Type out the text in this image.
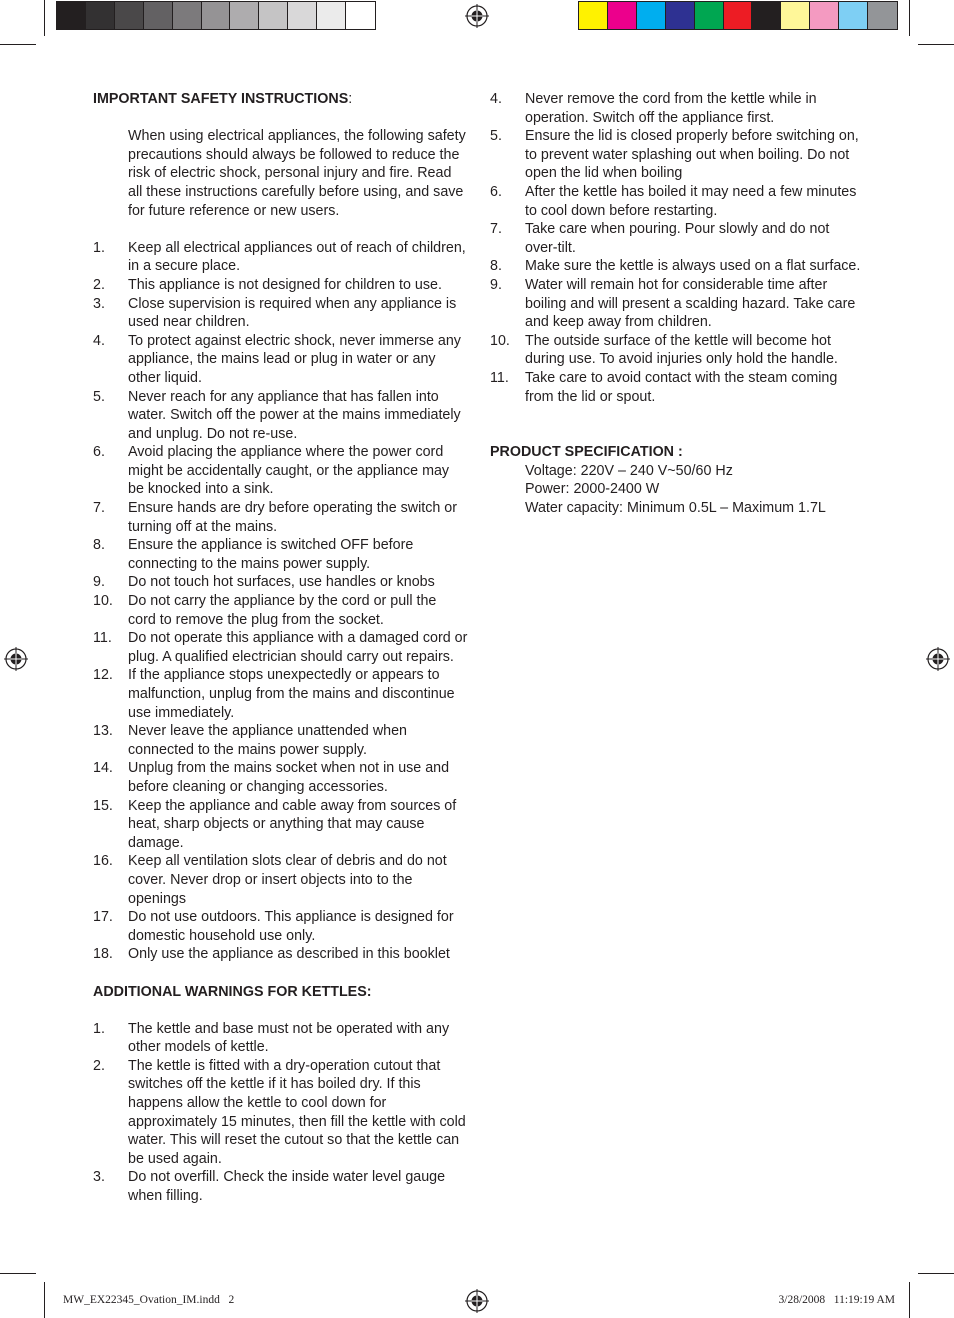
IMPORTANT SAFETY INSTRUCTIONS:
When using electrical appliances, the following safety precautions should always be followed to reduce the risk of electric shock, personal injury and fire. Read all these instructions carefully before using, and save for future reference or new users.
1.	Keep all electrical appliances out of reach of children, in a secure place.
2.	This appliance is not designed for children to use.
3.	Close supervision is required when any appliance is used near children.
4.	To protect against electric shock, never immerse any appliance, the mains lead or plug in water or any other liquid.
5.	Never reach for any appliance that has fallen into water. Switch off the power at the mains immediately and unplug. Do not re-use.
6.	Avoid placing the appliance where the power cord might be accidentally caught, or the appliance may be knocked into a sink.
7.	Ensure hands are dry before operating the switch or turning off at the mains.
8.	Ensure the appliance is switched OFF before connecting to the mains power supply.
9.	Do not touch hot surfaces, use handles or knobs
10.	Do not carry the appliance by the cord or pull the cord to remove the plug from the socket.
11.	Do not operate this appliance with a damaged cord or plug. A qualified electrician should carry out repairs.
12.	If the appliance stops unexpectedly or appears to malfunction, unplug from the mains and discontinue use immediately.
13.	Never leave the appliance unattended when connected to the mains power supply.
14.	Unplug from the mains socket when not in use and before cleaning or changing accessories.
15.	Keep the appliance and cable away from sources of heat, sharp objects or anything that may cause damage.
16.	Keep all ventilation slots clear of debris and do not cover. Never drop or insert objects into to the openings
17.	Do not use outdoors. This appliance is designed for domestic household use only.
18.	Only use the appliance as described in this booklet
ADDITIONAL WARNINGS FOR KETTLES:
1.	The kettle and base must not be operated with any other models of kettle.
2.	The kettle is fitted with a dry-operation cutout that switches off the kettle if it has boiled dry. If this happens allow the kettle to cool down for approximately 15 minutes, then fill the kettle with cold water. This will reset the cutout so that the kettle can be used again.
3.	Do not overfill. Check the inside water level gauge when filling.
4.	Never remove the cord from the kettle while in operation. Switch off the appliance first.
5.	Ensure the lid is closed properly before switching on, to prevent water splashing out when boiling. Do not open the lid when boiling
6.	After the kettle has boiled it may need a few minutes to cool down before restarting.
7.	Take care when pouring. Pour slowly and do not over-tilt.
8.	Make sure the kettle is always used on a flat surface.
9.	Water will remain hot for considerable time after boiling and will present a scalding hazard. Take care and keep away from children.
10.	The outside surface of the kettle will become hot during use. To avoid injuries only hold the handle.
11.	Take care to avoid contact with the steam coming from the lid or spout.
PRODUCT SPECIFICATION :
Voltage: 220V – 240 V~50/60 Hz
Power: 2000-2400 W
Water capacity: Minimum 0.5L – Maximum 1.7L
MW_EX22345_Ovation_IM.indd   2	3/28/2008   11:19:19 AM
